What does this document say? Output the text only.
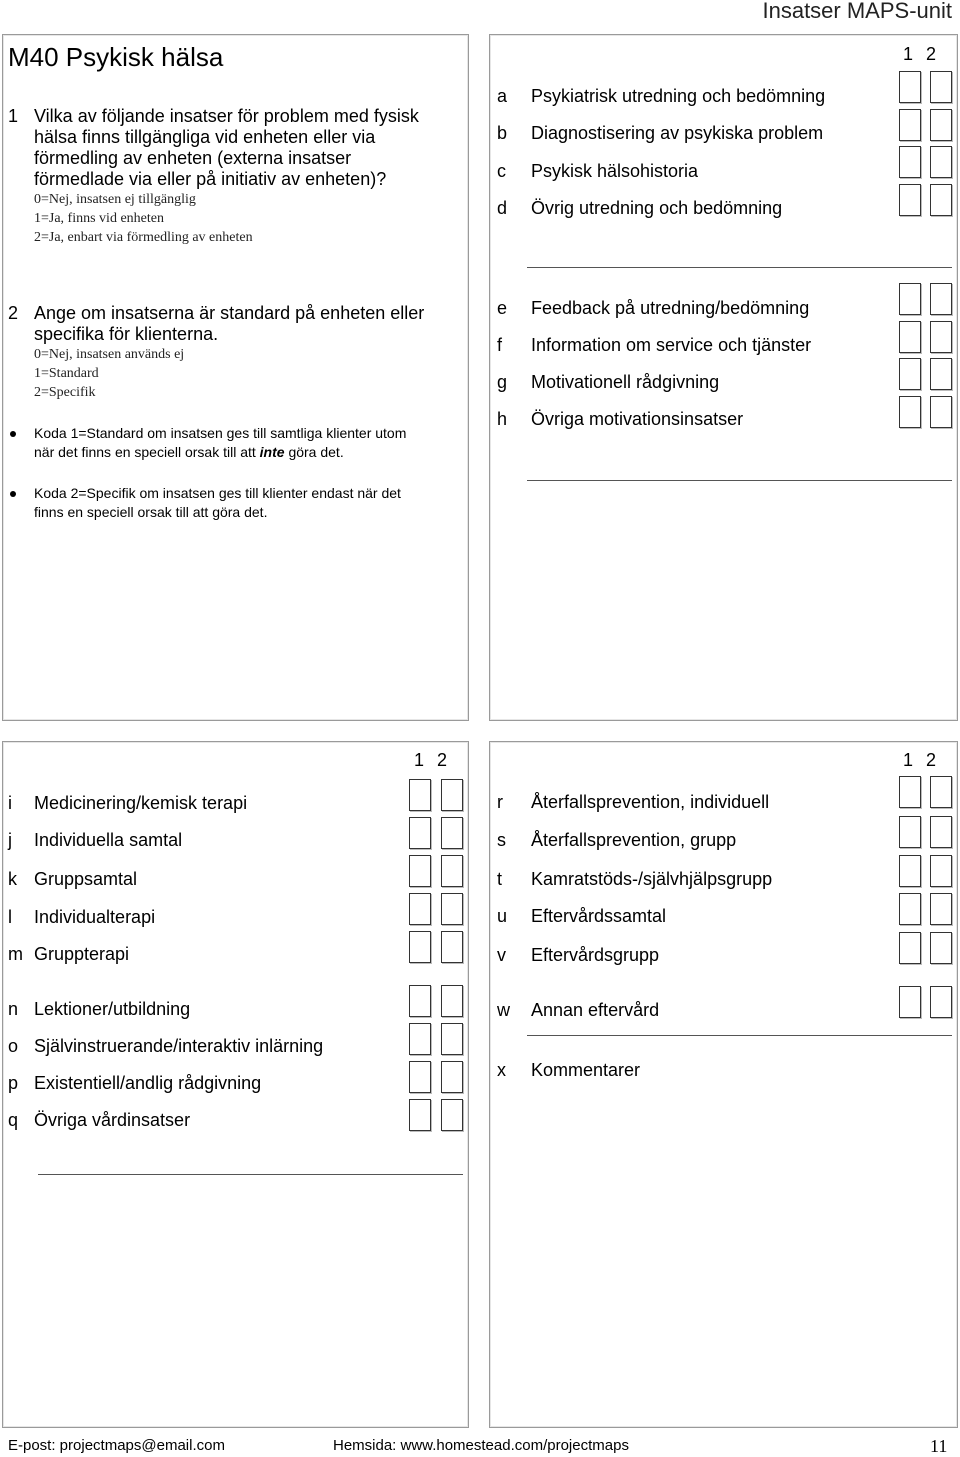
Insatser MAPS-unit
M40 Psykisk hälsa
1 Vilka av följande insatser för problem med fysisk
hälsa finns tillgängliga vid enheten eller via
förmedling av enheten (externa insatser
förmedlade via eller på initiativ av enheten)?
0=Nej, insatsen ej tillgänglig
1=Ja, finns vid enheten
2=Ja, enbart via förmedling av enheten
2 Ange om insatserna är standard på enheten eller
specifika för klienterna.
0=Nej, insatsen används ej
1=Standard
2=Specifik
Koda 1=Standard om insatsen ges till samtliga klienter utom
när det finns en speciell orsak till att inte göra det.
Koda 2=Specifik om insatsen ges till klienter endast när det
finns en speciell orsak till att göra det.
1 2
a Psykiatrisk utredning och bedömning
b Diagnostisering av psykiska problem
c Psykisk hälsohistoria
d Övrig utredning och bedömning
e Feedback på utredning/bedömning
f Information om service och tjänster
g Motivationell rådgivning
h Övriga motivationsinsatser
1 2
i Medicinering/kemisk terapi
j Individuella samtal
k Gruppsamtal
l Individualterapi
m Gruppterapi
n Lektioner/utbildning
o Självinstruerande/interaktiv inlärning
p Existentiell/andlig rådgivning
q Övriga vårdinsatser
1 2
r Återfallsprevention, individuell
s Återfallsprevention, grupp
t Kamratstöds-/självhjälpsgrupp
u Eftervårdssamtal
v Eftervårdsgrupp
w Annan eftervård
x Kommentarer
E-post: projectmaps@email.com	Hemsida: www.homestead.com/projectmaps	11
